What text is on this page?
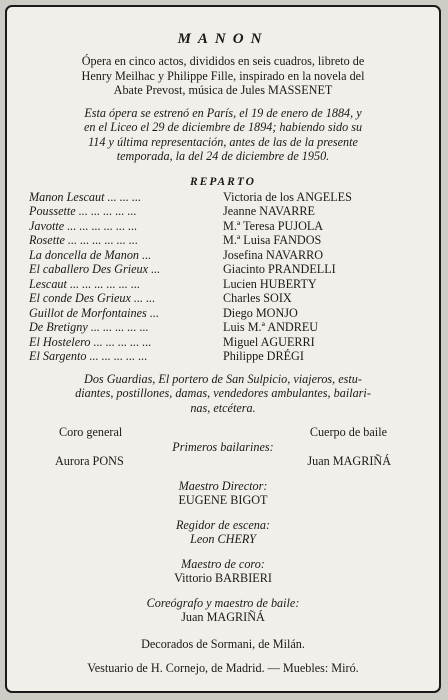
MANON

Ópera en cinco actos, divididos en seis cuadros, libreto de

Henry Meilhac y Philippe Fille, inspirado en la novela del

Abate Prevost, música de Jules MASSENET

Esta ópera se estrenó en París, el 19 de enero de 1884, y

en el Liceo el 29 de diciembre de 1894; habiendo sido su

114 y última representación, antes de las de la presente

temporada, la del 24 de diciembre de 1950.

REPARTO

Manon Lescaut ... ... ...	Victoria de los ANGELES
Poussette ... ... ... ... ...	Jeanne NAVARRE
Javotte ... ... ... ... ... ...	M.ª Teresa PUJOLA
Rosette ... ... ... ... ... ...	M.ª Luisa FANDOS
La doncella de Manon ...	Josefina NAVARRO
El caballero Des Grieux ...	Giacinto PRANDELLI
Lescaut ... ... ... ... ... ...	Lucien HUBERTY
El conde Des Grieux ... ...	Charles SOIX
Guillot de Morfontaines ...	Diego MONJO
De Bretigny ... ... ... ... ...	Luis M.ª ANDREU
El Hostelero ... ... ... ... ...	Miguel AGUERRI
El Sargento ... ... ... ... ...	Philippe DRÉGI

Dos Guardias, El portero de San Sulpicio, viajeros, estu-

diantes, postillones, damas, vendedores ambulantes, bailari-

nas, etcétera.

Coro general	Cuerpo de baile

Primeros bailarines:

Aurora PONS	Juan MAGRIÑÁ

Maestro Director:

EUGENE BIGOT

Regidor de escena:

Leon CHERY

Maestro de coro:

Vittorio BARBIERI

Coreógrafo y maestro de baile:

Juan MAGRIÑÁ

Decorados de Sormani, de Milán.

Vestuario de H. Cornejo, de Madrid. — Muebles: Miró.
